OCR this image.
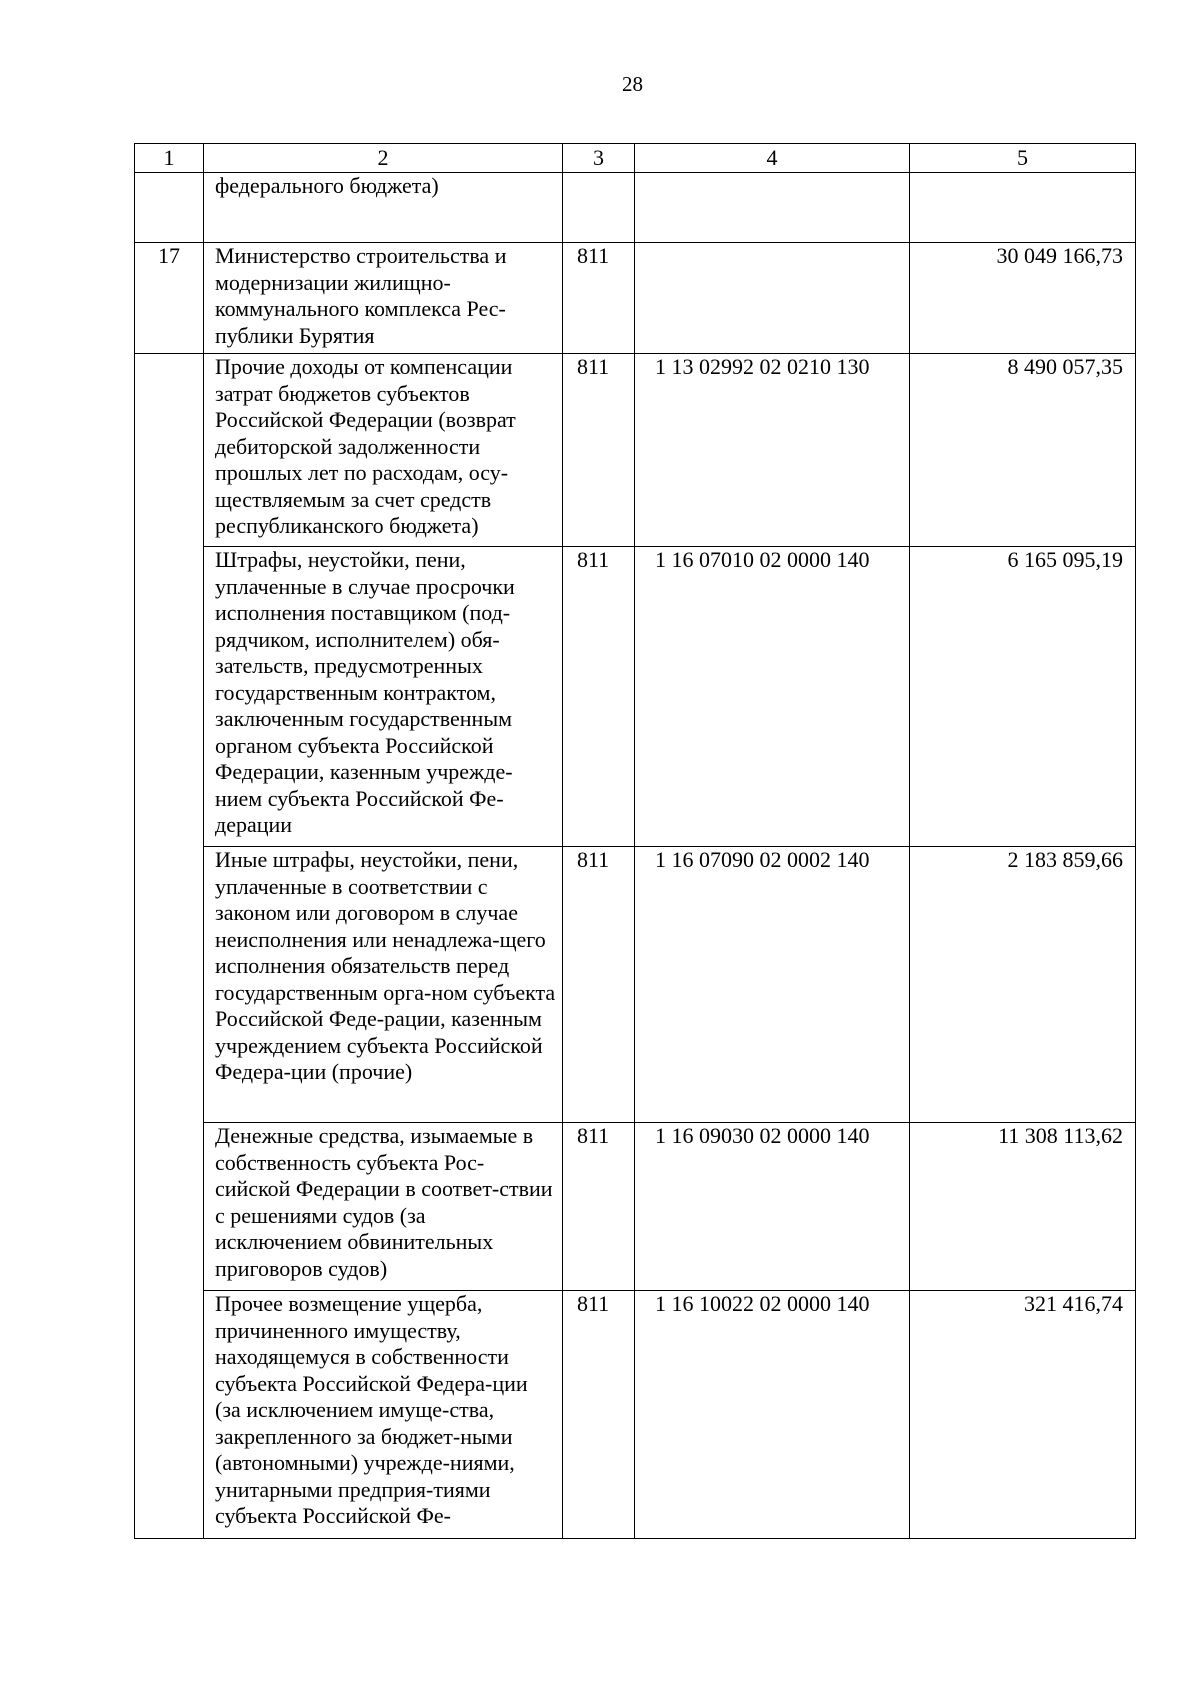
28
1	2	3	4	5
	федерального бюджета)			
17	Министерство строительства и модернизации жилищно-коммунального комплекса Рес-публики Бурятия	811		30 049 166,73
	Прочие доходы от компенсации затрат бюджетов субъектов Российской Федерации (возврат дебиторской задолженности прошлых лет по расходам, осу-ществляемым за счет средств республиканского бюджета)	811	1 13 02992 02 0210 130	8 490 057,35
	Штрафы, неустойки, пени, уплаченные в случае просрочки исполнения поставщиком (под-рядчиком, исполнителем) обя-зательств, предусмотренных государственным контрактом, заключенным государственным органом субъекта Российской Федерации, казенным учрежде-нием субъекта Российской Фе-дерации	811	1 16 07010 02 0000 140	6 165 095,19
	Иные штрафы, неустойки, пени, уплаченные в соответствии с законом или договором в случае неисполнения или ненадлежа-щего исполнения обязательств перед государственным орга-ном субъекта Российской Феде-рации, казенным учреждением субъекта Российской Федера-ции (прочие)	811	1 16 07090 02 0002 140	2 183 859,66
	Денежные средства, изымаемые в собственность субъекта Рос-сийской Федерации в соответ-ствии с решениями судов (за исключением обвинительных приговоров судов)	811	1 16 09030 02 0000 140	11 308 113,62
	Прочее возмещение ущерба, причиненного имуществу, находящемуся в собственности субъекта Российской Федера-ции (за исключением имуще-ства, закрепленного за бюджет-ными (автономными) учрежде-ниями, унитарными предприя-тиями субъекта Российской Фе-	811	1 16 10022 02 0000 140	321 416,74
